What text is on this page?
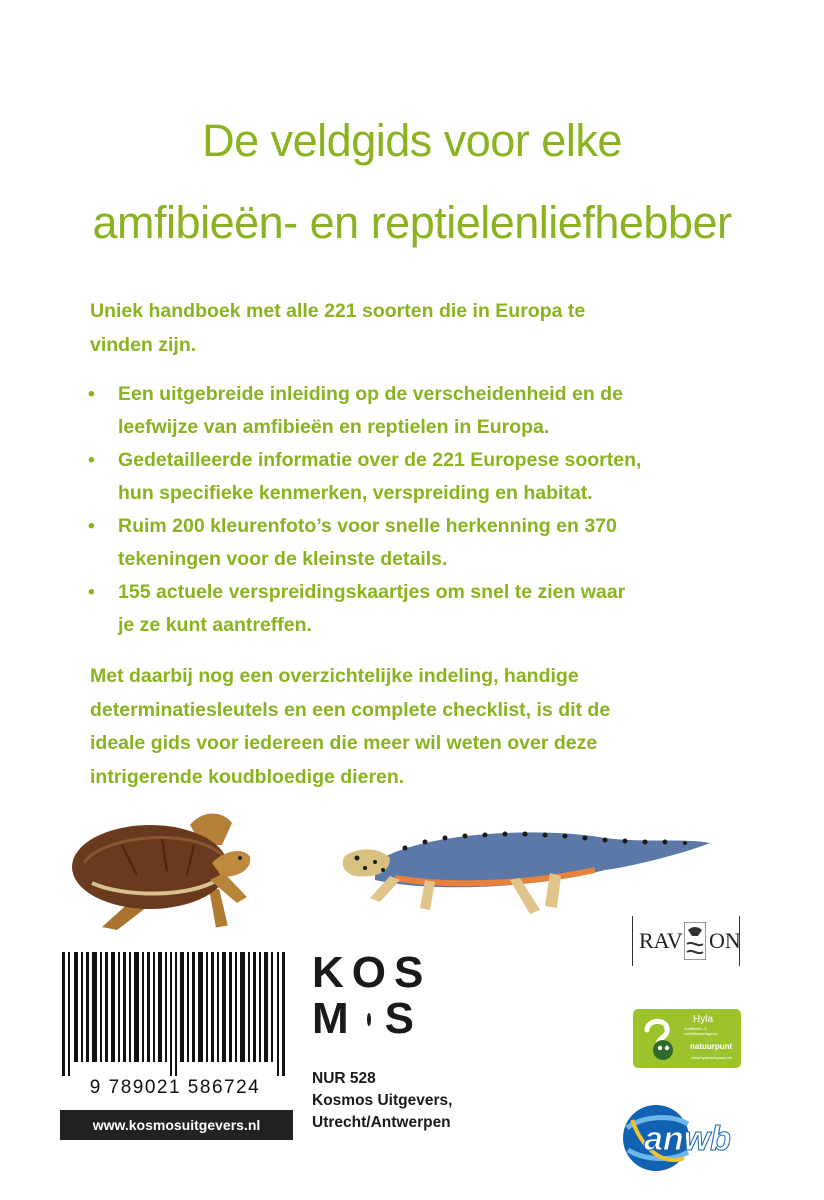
De veldgids voor elke
amfibieën- en reptielenliefhebber
Uniek handboek met alle 221 soorten die in Europa te
vinden zijn.
• Een uitgebreide inleiding op de verscheidenheid en de
leefwijze van amfibieën en reptielen in Europa.
• Gedetailleerde informatie over de 221 Europese soorten,
hun specifieke kenmerken, verspreiding en habitat.
• Ruim 200 kleurenfoto’s voor snelle herkenning en 370
tekeningen voor de kleinste details.
• 155 actuele verspreidingskaartjes om snel te zien waar
je ze kunt aantreffen.
Met daarbij nog een overzichtelijke indeling, handige
determinatiesleutels en een complete checklist, is dit de
ideale gids voor iedereen die meer wil weten over deze
intrigerende koudbloedige dieren.
9 789021 586724
www.kosmosuitgevers.nl
KOS
M S
NUR 528
Kosmos Uitgevers,
Utrecht/Antwerpen
RAV ON
Hyla
Amfibieën- & reptielenwerkgroep
natuurpunt
www.hylawerkgroep.be
anwb
